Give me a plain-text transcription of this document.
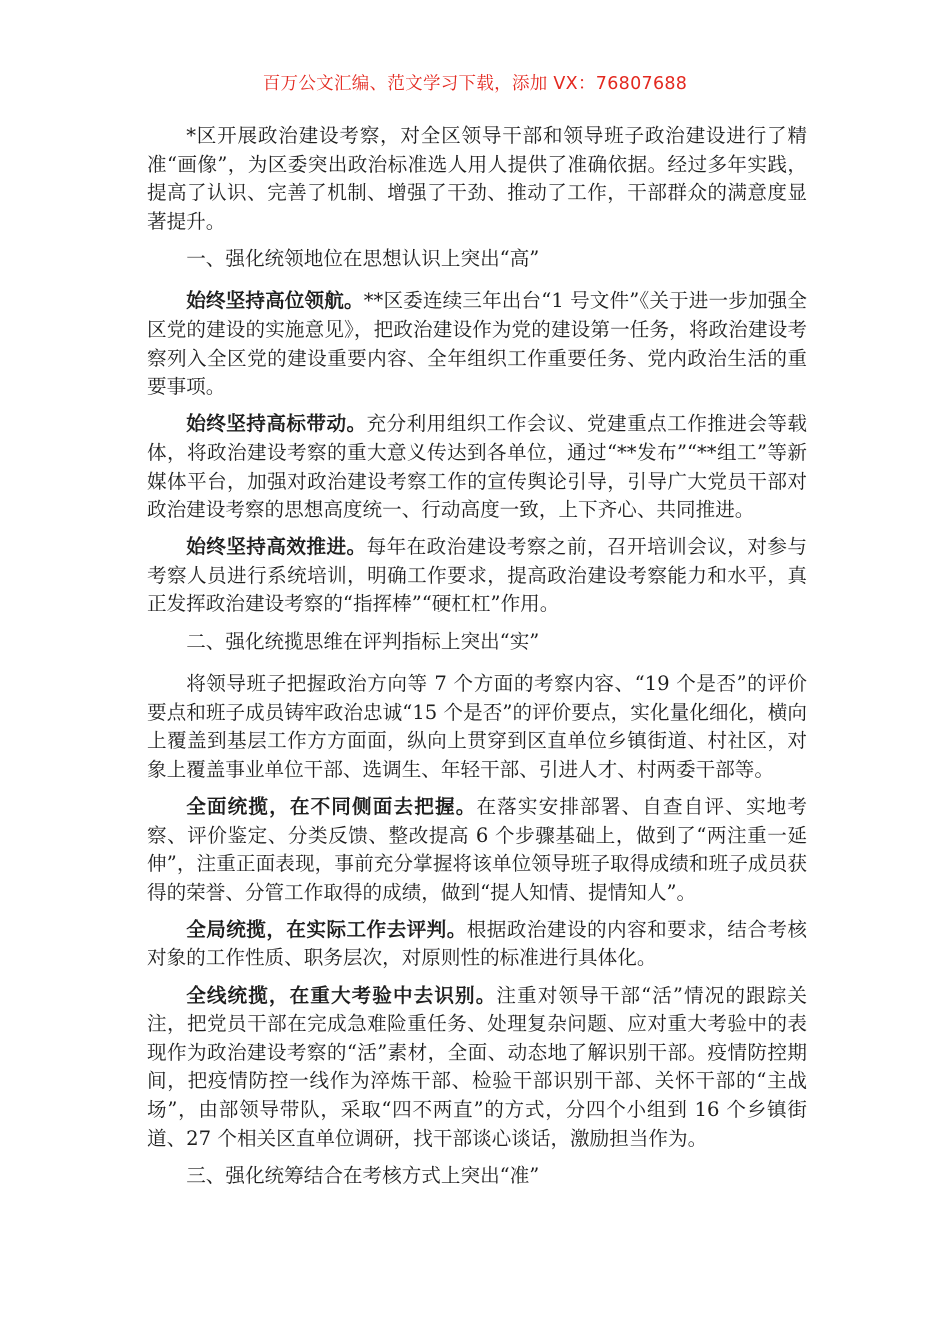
百万公文汇编、范文学习下载，添加 VX：76807688

*区开展政治建设考察，对全区领导干部和领导班子政治建设进行了精准“画像”，为区委突出政治标准选人用人提供了准确依据。经过多年实践，提高了认识、完善了机制、增强了干劲、推动了工作，干部群众的满意度显著提升。

一、强化统领地位在思想认识上突出“高”

始终坚持高位领航。**区委连续三年出台“1 号文件”《关于进一步加强全区党的建设的实施意见》，把政治建设作为党的建设第一任务，将政治建设考察列入全区党的建设重要内容、全年组织工作重要任务、党内政治生活的重要事项。

始终坚持高标带动。充分利用组织工作会议、党建重点工作推进会等载体，将政治建设考察的重大意义传达到各单位，通过“**发布”“**组工”等新媒体平台，加强对政治建设考察工作的宣传舆论引导，引导广大党员干部对政治建设考察的思想高度统一、行动高度一致，上下齐心、共同推进。

始终坚持高效推进。每年在政治建设考察之前，召开培训会议，对参与考察人员进行系统培训，明确工作要求，提高政治建设考察能力和水平，真正发挥政治建设考察的“指挥棒”“硬杠杠”作用。

二、强化统揽思维在评判指标上突出“实”

将领导班子把握政治方向等 7 个方面的考察内容、“19 个是否”的评价要点和班子成员铸牢政治忠诚“15 个是否”的评价要点，实化量化细化，横向上覆盖到基层工作方方面面，纵向上贯穿到区直单位乡镇街道、村社区，对象上覆盖事业单位干部、选调生、年轻干部、引进人才、村两委干部等。

全面统揽，在不同侧面去把握。在落实安排部署、自查自评、实地考察、评价鉴定、分类反馈、整改提高 6 个步骤基础上，做到了“两注重一延伸”，注重正面表现，事前充分掌握将该单位领导班子取得成绩和班子成员获得的荣誉、分管工作取得的成绩，做到“提人知情、提情知人”。

全局统揽，在实际工作去评判。根据政治建设的内容和要求，结合考核对象的工作性质、职务层次，对原则性的标准进行具体化。

全线统揽，在重大考验中去识别。注重对领导干部“活”情况的跟踪关注，把党员干部在完成急难险重任务、处理复杂问题、应对重大考验中的表现作为政治建设考察的“活”素材，全面、动态地了解识别干部。疫情防控期间，把疫情防控一线作为淬炼干部、检验干部识别干部、关怀干部的“主战场”，由部领导带队，采取“四不两直”的方式，分四个小组到 16 个乡镇街道、27 个相关区直单位调研，找干部谈心谈话，激励担当作为。

三、强化统筹结合在考核方式上突出“准”
